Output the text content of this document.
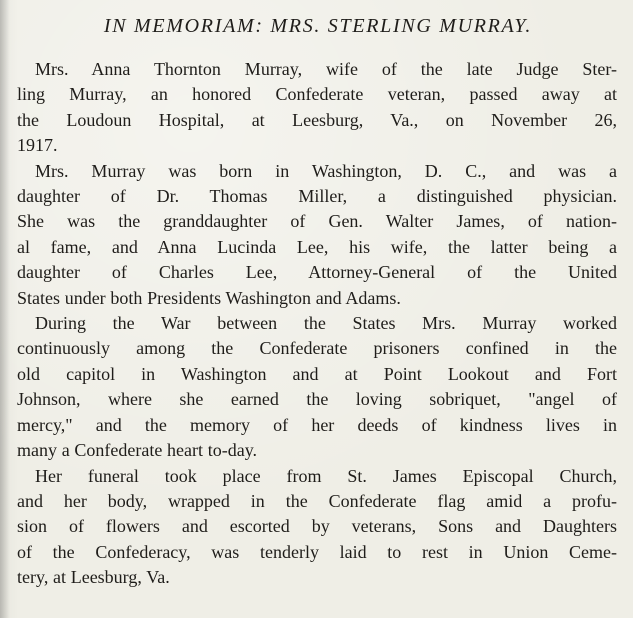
IN MEMORIAM: MRS. STERLING MURRAY.
Mrs. Anna Thornton Murray, wife of the late Judge Ster-
ling Murray, an honored Confederate veteran, passed away at
the Loudoun Hospital, at Leesburg, Va., on November 26,
1917.
Mrs. Murray was born in Washington, D. C., and was a
daughter of Dr. Thomas Miller, a distinguished physician.
She was the granddaughter of Gen. Walter James, of nation-
al fame, and Anna Lucinda Lee, his wife, the latter being a
daughter of Charles Lee, Attorney-General of the United
States under both Presidents Washington and Adams.
During the War between the States Mrs. Murray worked
continuously among the Confederate prisoners confined in the
old capitol in Washington and at Point Lookout and Fort
Johnson, where she earned the loving sobriquet, "angel of
mercy," and the memory of her deeds of kindness lives in
many a Confederate heart to-day.
Her funeral took place from St. James Episcopal Church,
and her body, wrapped in the Confederate flag amid a profu-
sion of flowers and escorted by veterans, Sons and Daughters
of the Confederacy, was tenderly laid to rest in Union Ceme-
tery, at Leesburg, Va.
